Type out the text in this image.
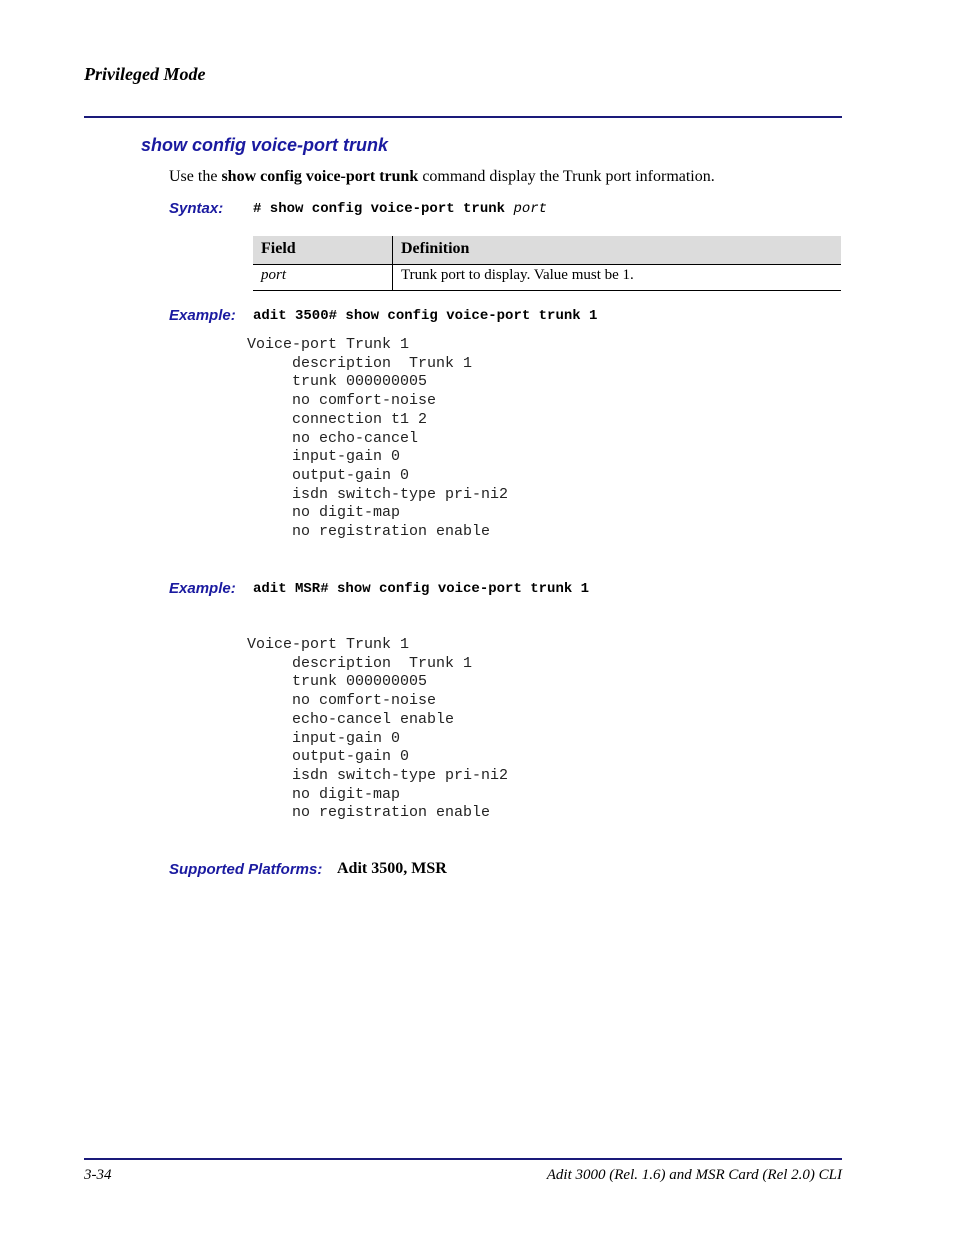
Privileged Mode
show config voice-port trunk
Use the show config voice-port trunk command display the Trunk port information.
Syntax: # show config voice-port trunk port
Field	Definition
port	Trunk port to display. Value must be 1.
Example: adit 3500# show config voice-port trunk 1
Voice-port Trunk 1
description  Trunk 1
trunk 000000005
no comfort-noise
connection t1 2
no echo-cancel
input-gain 0
output-gain 0
isdn switch-type pri-ni2
no digit-map
no registration enable
Example: adit MSR# show config voice-port trunk 1
Voice-port Trunk 1
description  Trunk 1
trunk 000000005
no comfort-noise
echo-cancel enable
input-gain 0
output-gain 0
isdn switch-type pri-ni2
no digit-map
no registration enable
Supported Platforms: Adit 3500, MSR
3-34	Adit 3000 (Rel. 1.6) and MSR Card (Rel 2.0) CLI
